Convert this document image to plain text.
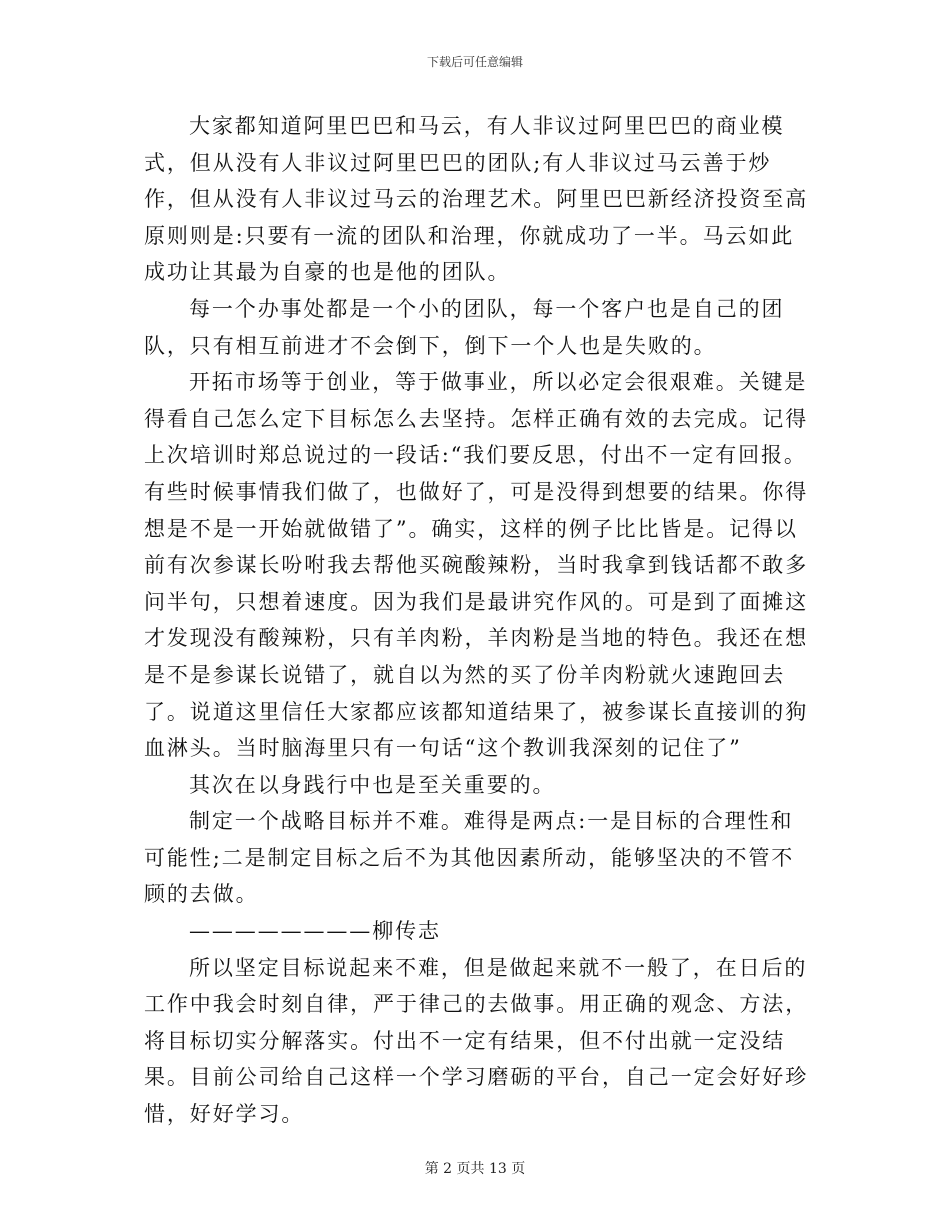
下载后可任意编辑

大家都知道阿里巴巴和马云，有人非议过阿里巴巴的商业模式，但从没有人非议过阿里巴巴的团队;有人非议过马云善于炒作，但从没有人非议过马云的治理艺术。阿里巴巴新经济投资至高原则则是:只要有一流的团队和治理，你就成功了一半。马云如此成功让其最为自豪的也是他的团队。

每一个办事处都是一个小的团队，每一个客户也是自己的团队，只有相互前进才不会倒下，倒下一个人也是失败的。

开拓市场等于创业，等于做事业，所以必定会很艰难。关键是得看自己怎么定下目标怎么去坚持。怎样正确有效的去完成。记得上次培训时郑总说过的一段话:“我们要反思，付出不一定有回报。有些时候事情我们做了，也做好了，可是没得到想要的结果。你得想是不是一开始就做错了”。确实，这样的例子比比皆是。记得以前有次参谋长吩咐我去帮他买碗酸辣粉，当时我拿到钱话都不敢多问半句，只想着速度。因为我们是最讲究作风的。可是到了面摊这才发现没有酸辣粉，只有羊肉粉，羊肉粉是当地的特色。我还在想是不是参谋长说错了，就自以为然的买了份羊肉粉就火速跑回去了。说道这里信任大家都应该都知道结果了，被参谋长直接训的狗血淋头。当时脑海里只有一句话“这个教训我深刻的记住了”

其次在以身践行中也是至关重要的。

制定一个战略目标并不难。难得是两点:一是目标的合理性和可能性;二是制定目标之后不为其他因素所动，能够坚决的不管不顾的去做。

————————柳传志

所以坚定目标说起来不难，但是做起来就不一般了，在日后的工作中我会时刻自律，严于律己的去做事。用正确的观念、方法，将目标切实分解落实。付出不一定有结果，但不付出就一定没结果。目前公司给自己这样一个学习磨砺的平台，自己一定会好好珍惜，好好学习。

第 2 页共 13 页
